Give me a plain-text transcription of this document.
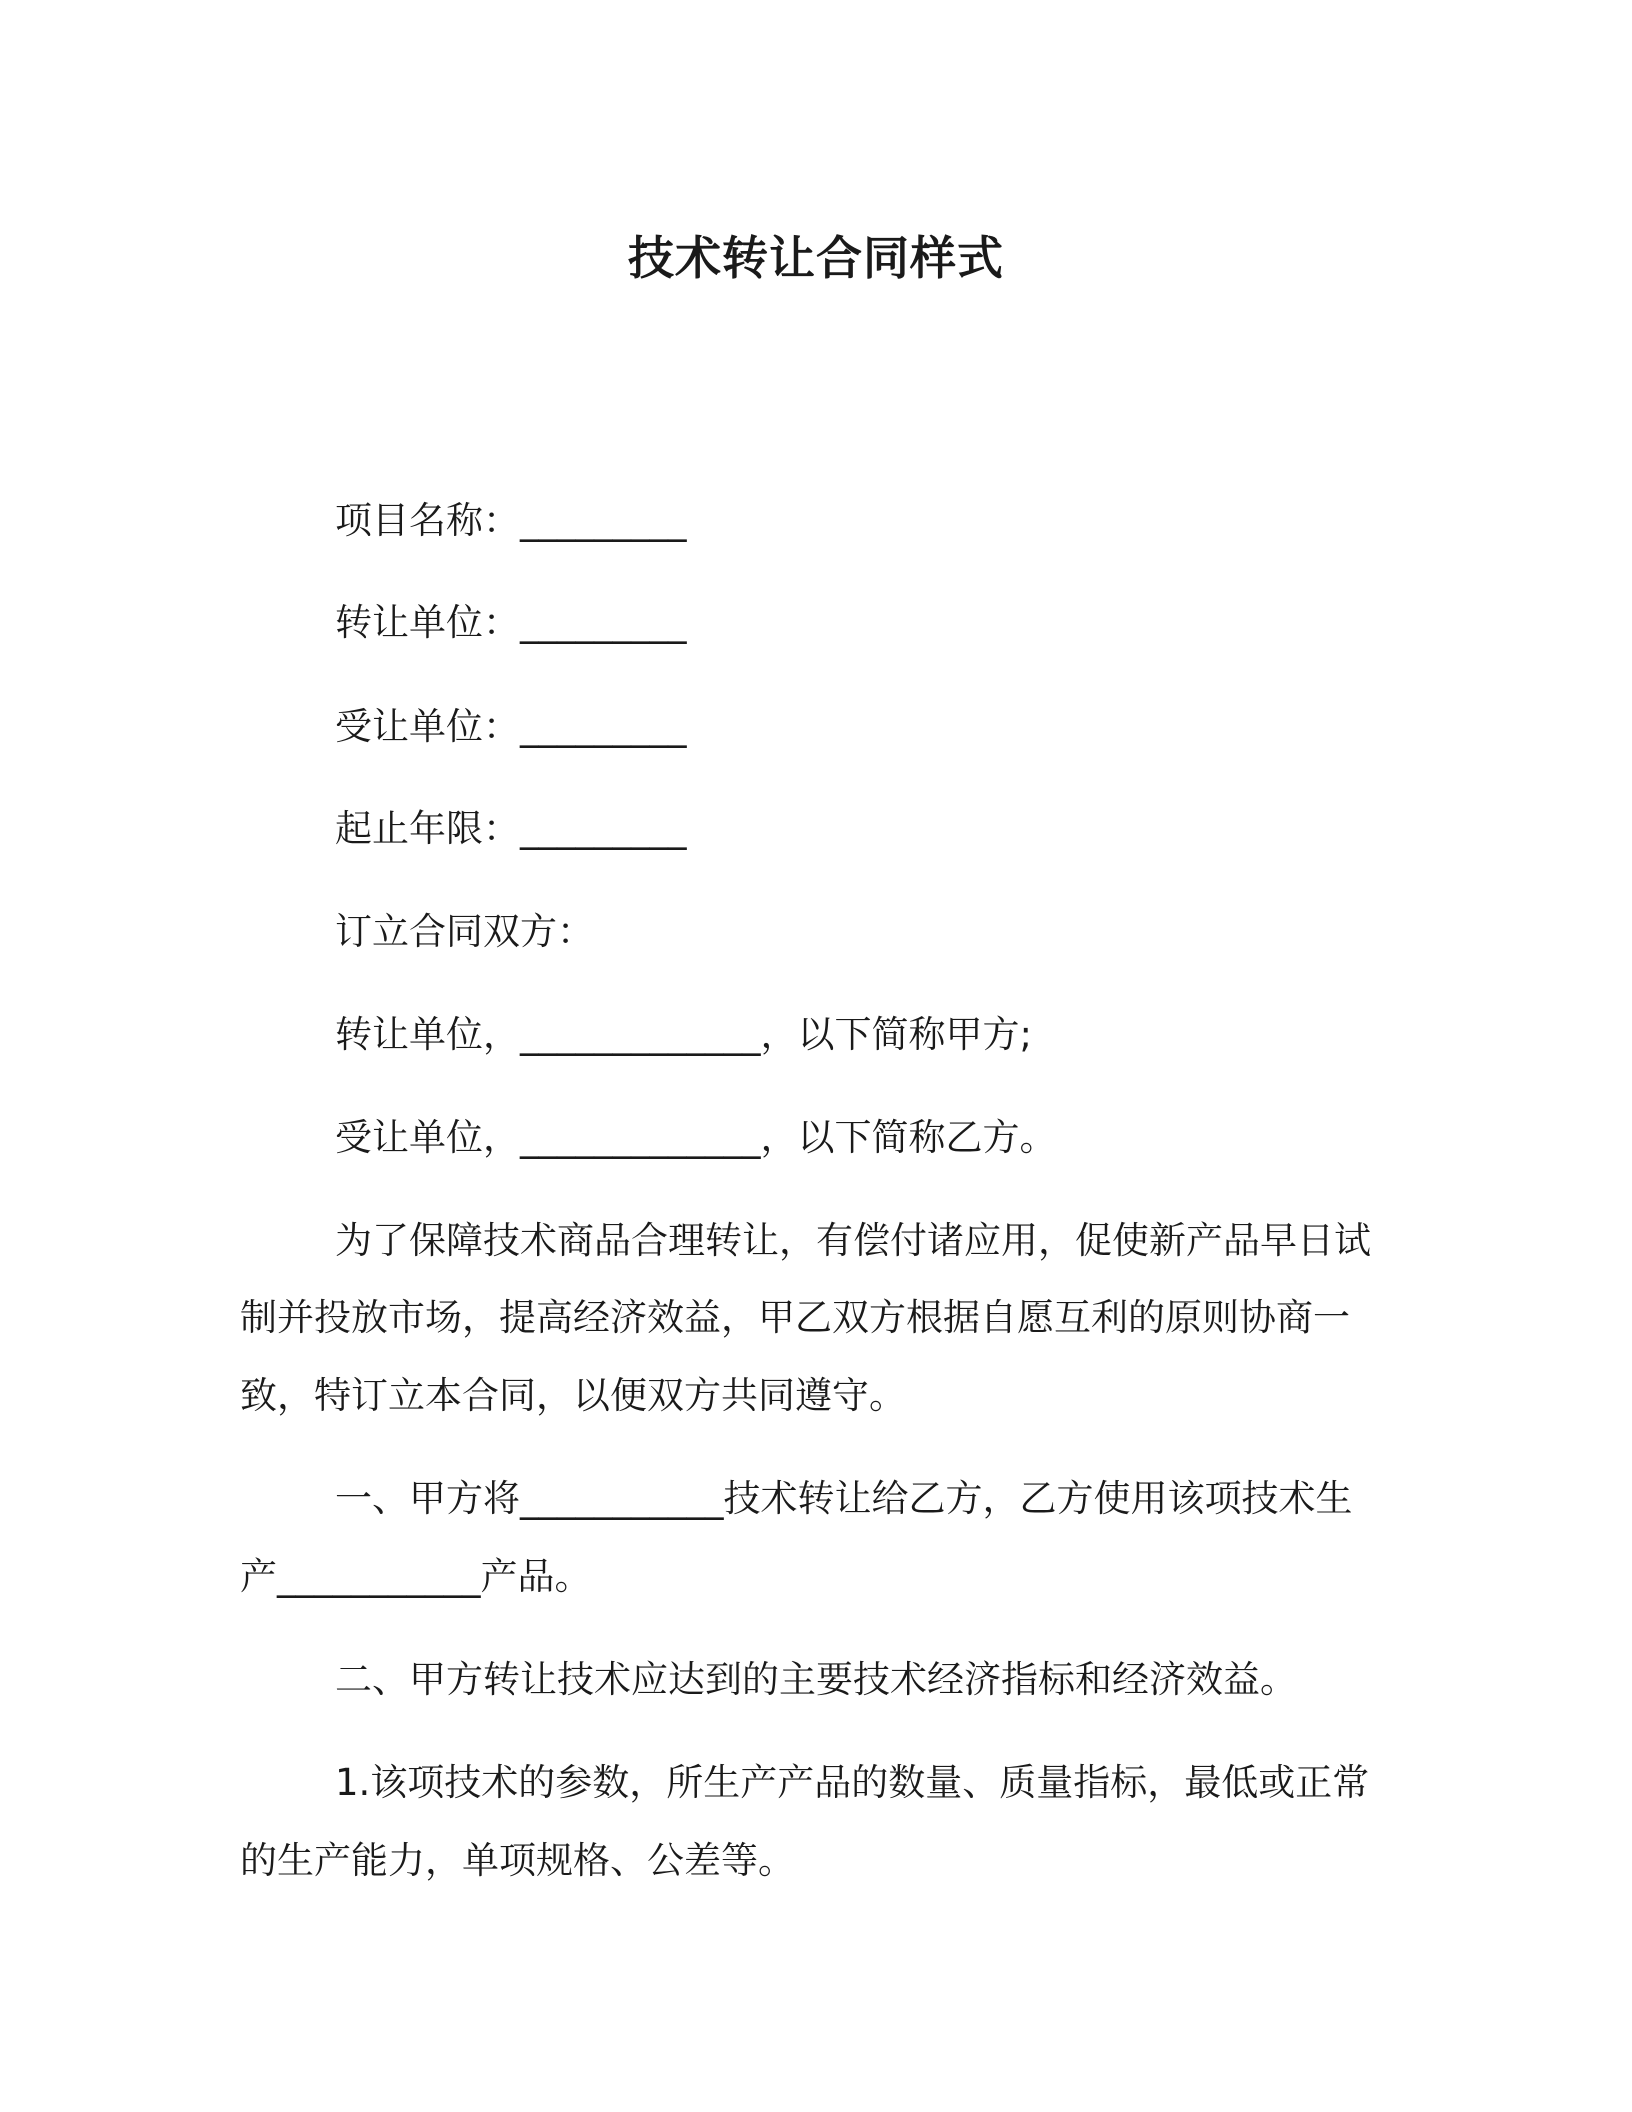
技术转让合同样式
项目名称：_________
转让单位：_________
受让单位：_________
起止年限：_________
订立合同双方：
转让单位，_____________，以下简称甲方;
受让单位，_____________，以下简称乙方。
为了保障技术商品合理转让，有偿付诸应用，促使新产品早日试
制并投放市场，提高经济效益，甲乙双方根据自愿互利的原则协商一
致，特订立本合同，以便双方共同遵守。
一、甲方将___________技术转让给乙方，乙方使用该项技术生
产___________产品。
二、甲方转让技术应达到的主要技术经济指标和经济效益。
1.该项技术的参数，所生产产品的数量、质量指标，最低或正常
的生产能力，单项规格、公差等。
